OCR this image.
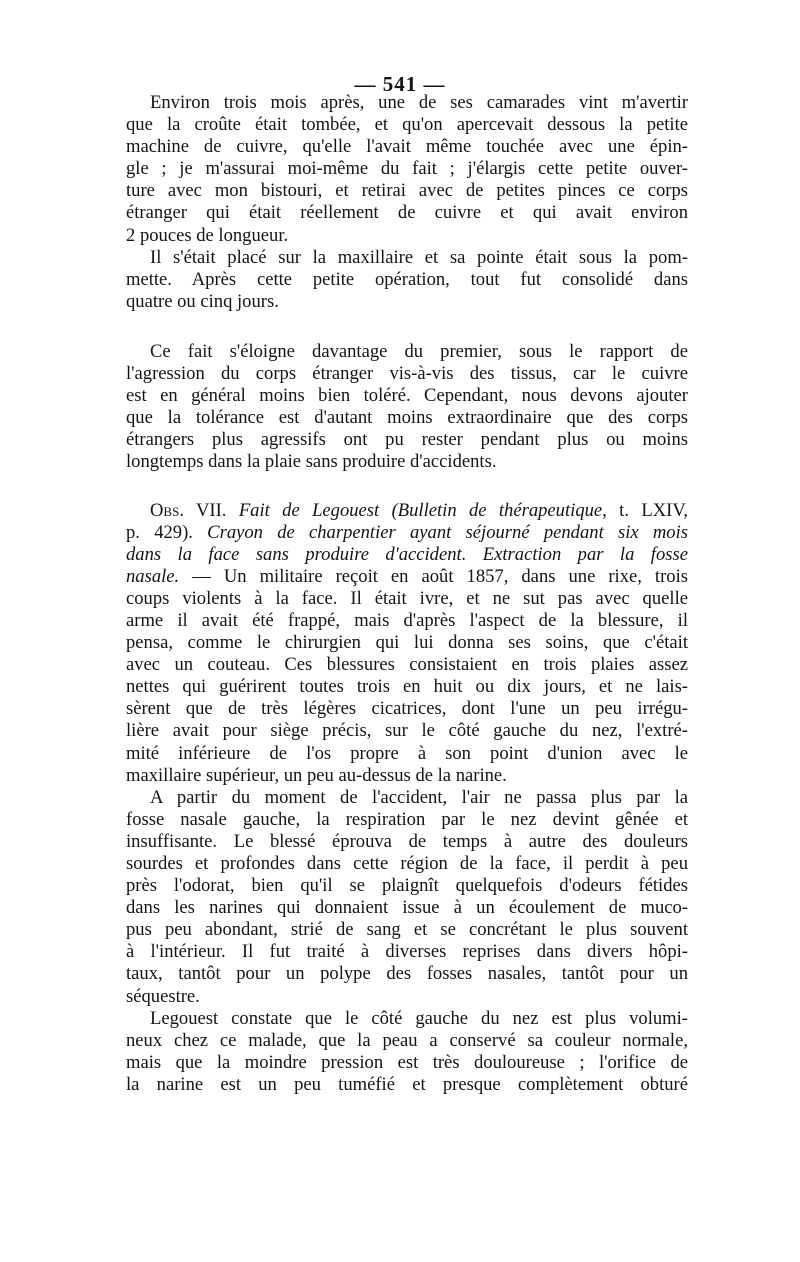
— 541 —

Environ trois mois après, une de ses camarades vint m'avertir
que la croûte était tombée, et qu'on apercevait dessous la petite
machine de cuivre, qu'elle l'avait même touchée avec une épin-
gle ; je m'assurai moi-même du fait ; j'élargis cette petite ouver-
ture avec mon bistouri, et retirai avec de petites pinces ce corps
étranger qui était réellement de cuivre et qui avait environ
2 pouces de longueur.

Il s'était placé sur la maxillaire et sa pointe était sous la pom-
mette. Après cette petite opération, tout fut consolidé dans
quatre ou cinq jours.

Ce fait s'éloigne davantage du premier, sous le rapport de
l'agression du corps étranger vis-à-vis des tissus, car le cuivre
est en général moins bien toléré. Cependant, nous devons ajouter
que la tolérance est d'autant moins extraordinaire que des corps
étrangers plus agressifs ont pu rester pendant plus ou moins
longtemps dans la plaie sans produire d'accidents.

Obs. VII. Fait de Legouest (Bulletin de thérapeutique, t. LXIV,
p. 429). Crayon de charpentier ayant séjourné pendant six mois
dans la face sans produire d'accident. Extraction par la fosse
nasale. — Un militaire reçoit en août 1857, dans une rixe, trois
coups violents à la face. Il était ivre, et ne sut pas avec quelle
arme il avait été frappé, mais d'après l'aspect de la blessure, il
pensa, comme le chirurgien qui lui donna ses soins, que c'était
avec un couteau. Ces blessures consistaient en trois plaies assez
nettes qui guérirent toutes trois en huit ou dix jours, et ne lais-
sèrent que de très légères cicatrices, dont l'une un peu irrégu-
lière avait pour siège précis, sur le côté gauche du nez, l'extré-
mité inférieure de l'os propre à son point d'union avec le
maxillaire supérieur, un peu au-dessus de la narine.

A partir du moment de l'accident, l'air ne passa plus par la
fosse nasale gauche, la respiration par le nez devint gênée et
insuffisante. Le blessé éprouva de temps à autre des douleurs
sourdes et profondes dans cette région de la face, il perdit à peu
près l'odorat, bien qu'il se plaignît quelquefois d'odeurs fétides
dans les narines qui donnaient issue à un écoulement de muco-
pus peu abondant, strié de sang et se concrétant le plus souvent
à l'intérieur. Il fut traité à diverses reprises dans divers hôpi-
taux, tantôt pour un polype des fosses nasales, tantôt pour un
séquestre.

Legouest constate que le côté gauche du nez est plus volumi-
neux chez ce malade, que la peau a conservé sa couleur normale,
mais que la moindre pression est très douloureuse ; l'orifice de
la narine est un peu tuméfié et presque complètement obturé
